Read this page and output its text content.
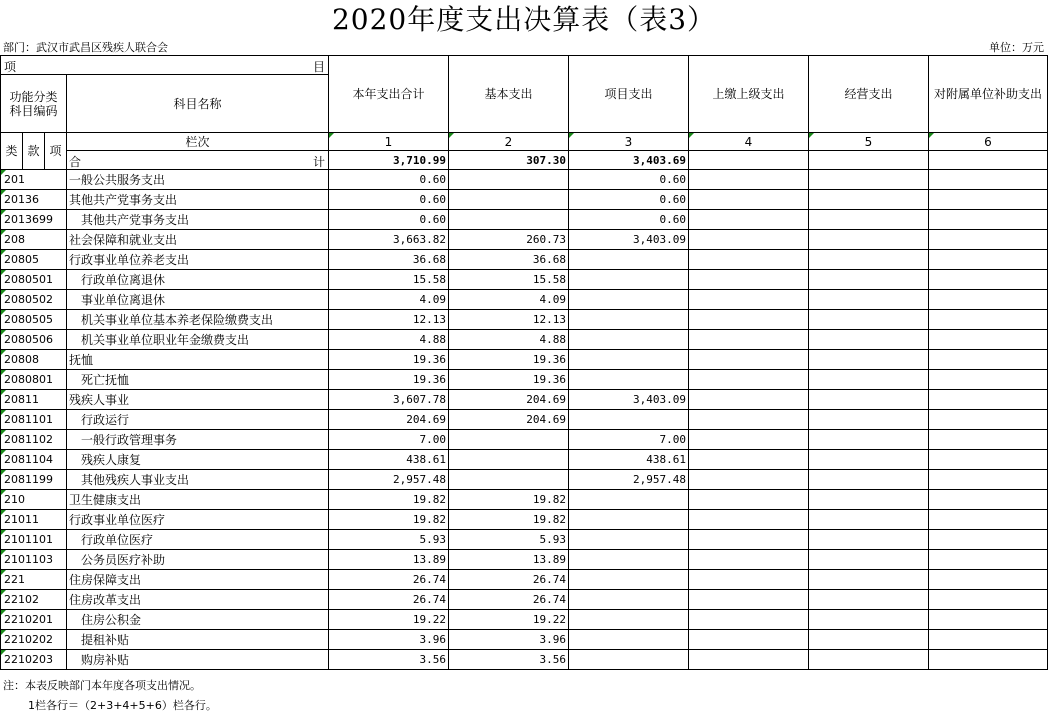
2020年度支出决算表（表3）
部门：武汉市武昌区残疾人联合会	单位：万元
项 目				本年支出合计	基本支出	项目支出	上缴上级支出	经营支出	对附属单位补助支出
功能分类科目编码			科目名称						

类	款	项	栏次	1	2	3	4	5	6

			合 计	3,710.99	307.30	3,403.69			
201			一般公共服务支出	0.60		0.60			
20136			其他共产党事务支出	0.60		0.60			
2013699			其他共产党事务支出	0.60		0.60			
208			社会保障和就业支出	3,663.82	260.73	3,403.09			
20805			行政事业单位养老支出	36.68	36.68				
2080501			行政单位离退休	15.58	15.58				
2080502			事业单位离退休	4.09	4.09				
2080505			机关事业单位基本养老保险缴费支出	12.13	12.13				
2080506			机关事业单位职业年金缴费支出	4.88	4.88				
20808			抚恤	19.36	19.36				
2080801			死亡抚恤	19.36	19.36				
20811			残疾人事业	3,607.78	204.69	3,403.09			
2081101			行政运行	204.69	204.69				
2081102			一般行政管理事务	7.00		7.00			
2081104			残疾人康复	438.61		438.61			
2081199			其他残疾人事业支出	2,957.48		2,957.48			
210			卫生健康支出	19.82	19.82				
21011			行政事业单位医疗	19.82	19.82				
2101101			行政单位医疗	5.93	5.93				
2101103			公务员医疗补助	13.89	13.89				
221			住房保障支出	26.74	26.74				
22102			住房改革支出	26.74	26.74				
2210201			住房公积金	19.22	19.22				
2210202			提租补贴	3.96	3.96				
2210203			购房补贴	3.56	3.56				
注：本表反映部门本年度各项支出情况。
1栏各行＝（2+3+4+5+6）栏各行。
